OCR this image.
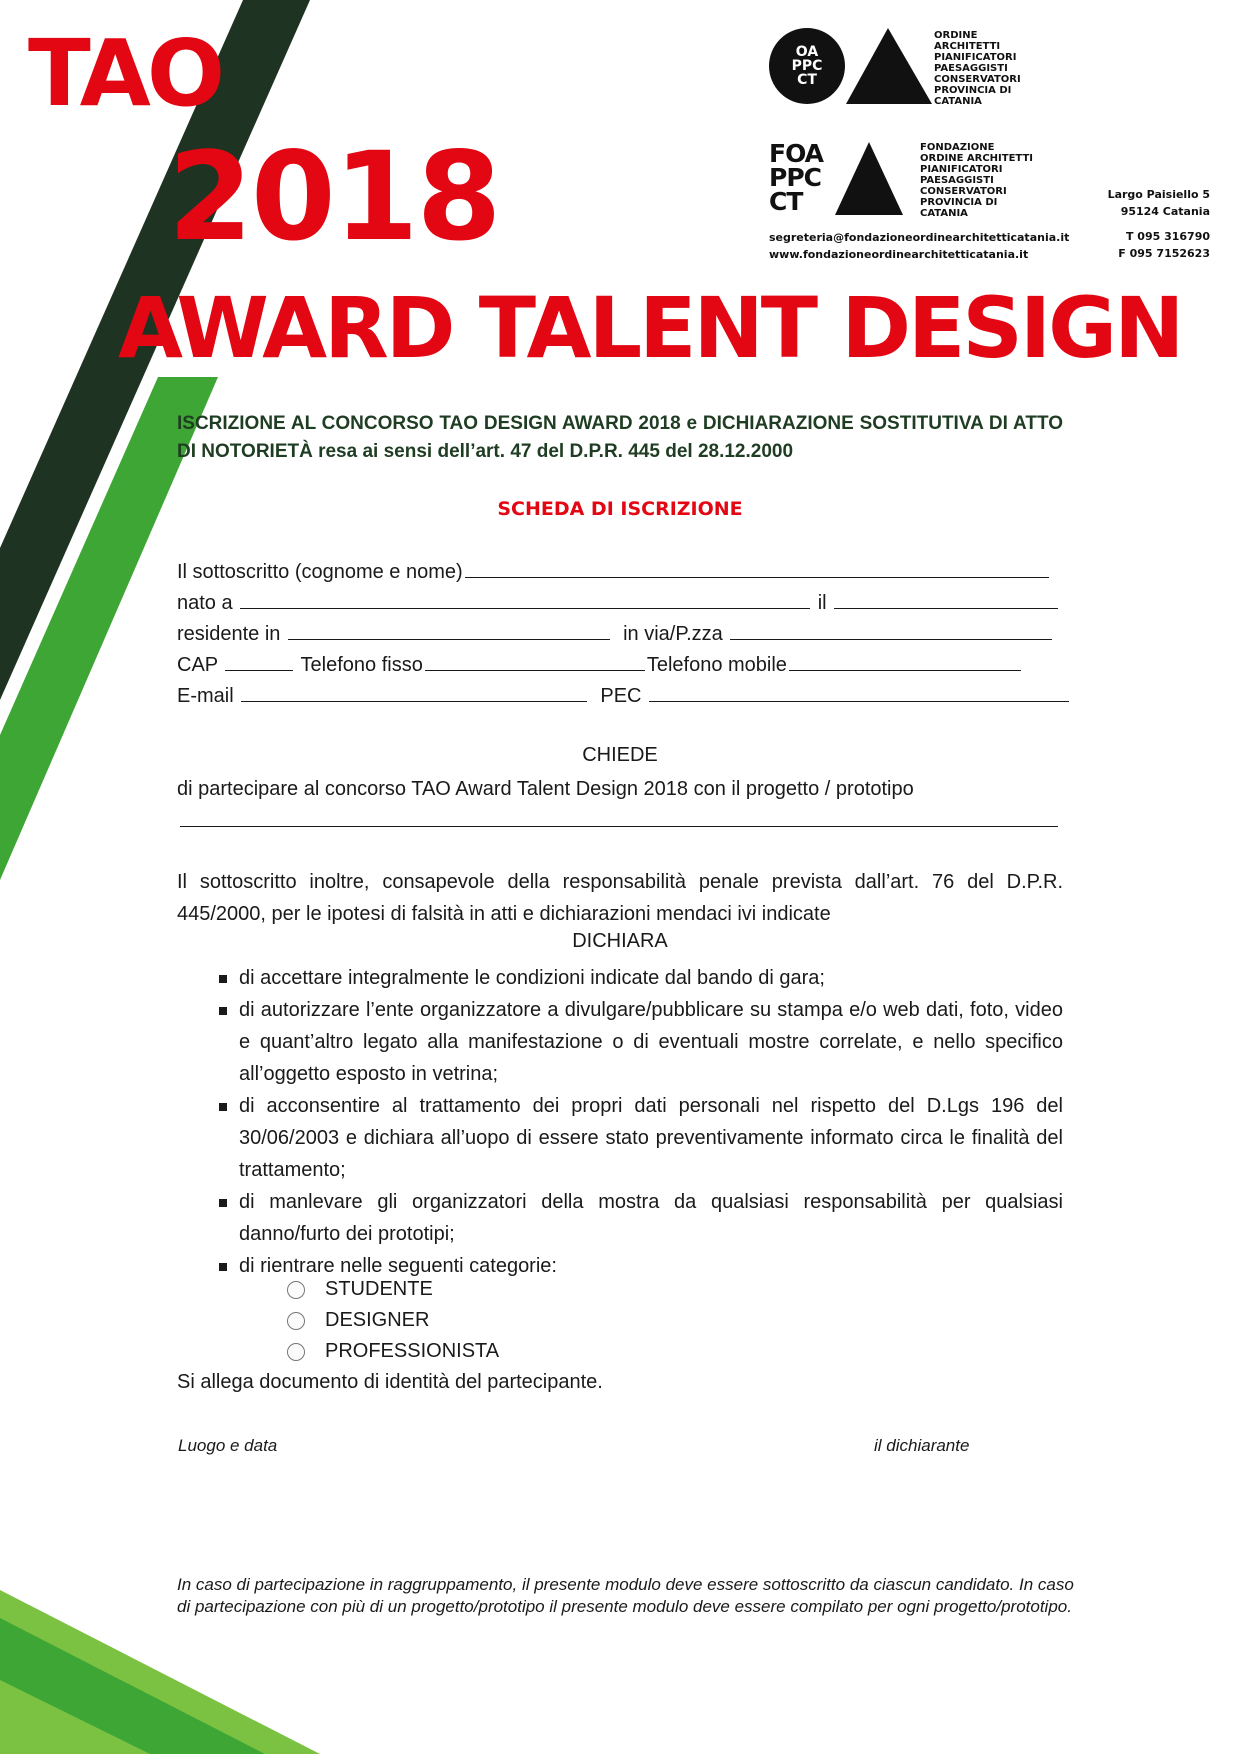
TAO
2018
AWARD TALENT DESIGN
OA
PPC
CT
ORDINE
ARCHITETTI
PIANIFICATORI
PAESAGGISTI
CONSERVATORI
PROVINCIA DI
CATANIA
FOA
PPC
CT
FONDAZIONE
ORDINE ARCHITETTI
PIANIFICATORI
PAESAGGISTI
CONSERVATORI
PROVINCIA DI
CATANIA
Largo Paisiello 5
95124 Catania
T 095 316790
F 095 7152623
segreteria@fondazioneordinearchitetticatania.it
www.fondazioneordinearchitetticatania.it
ISCRIZIONE AL CONCORSO TAO DESIGN AWARD 2018 e DICHIARAZIONE SOSTITUTIVA DI ATTO DI NOTORIETÀ resa ai sensi dell’art. 47 del D.P.R. 445 del 28.12.2000
SCHEDA DI ISCRIZIONE
Il sottoscritto (cognome e nome)
nato a	il
residente in	in via/P.zza
CAP	Telefono fisso	Telefono mobile
E-mail	PEC
CHIEDE
di partecipare al concorso TAO Award Talent Design 2018 con il progetto / prototipo
Il sottoscritto inoltre, consapevole della responsabilità penale prevista dall’art. 76 del D.P.R. 445/2000, per le ipotesi di falsità in atti e dichiarazioni mendaci ivi indicate
DICHIARA
di accettare integralmente le condizioni indicate dal bando di gara;
di autorizzare l’ente organizzatore a divulgare/pubblicare su stampa e/o web dati, foto, video e quant’altro legato alla manifestazione o di eventuali mostre correlate, e nello specifico all’oggetto esposto in vetrina;
di acconsentire al trattamento dei propri dati personali nel rispetto del D.Lgs 196 del 30/06/2003 e dichiara all’uopo di essere stato preventivamente informato circa le finalità del trattamento;
di manlevare gli organizzatori della mostra da qualsiasi responsabilità per qualsiasi danno/furto dei prototipi;
di rientrare nelle seguenti categorie:
STUDENTE
DESIGNER
PROFESSIONISTA
Si allega documento di identità del partecipante.
Luogo e data	il dichiarante
In caso di partecipazione in raggruppamento, il presente modulo deve essere sottoscritto da ciascun candidato. In caso di partecipazione con più di un progetto/prototipo il presente modulo deve essere compilato per ogni progetto/prototipo.
